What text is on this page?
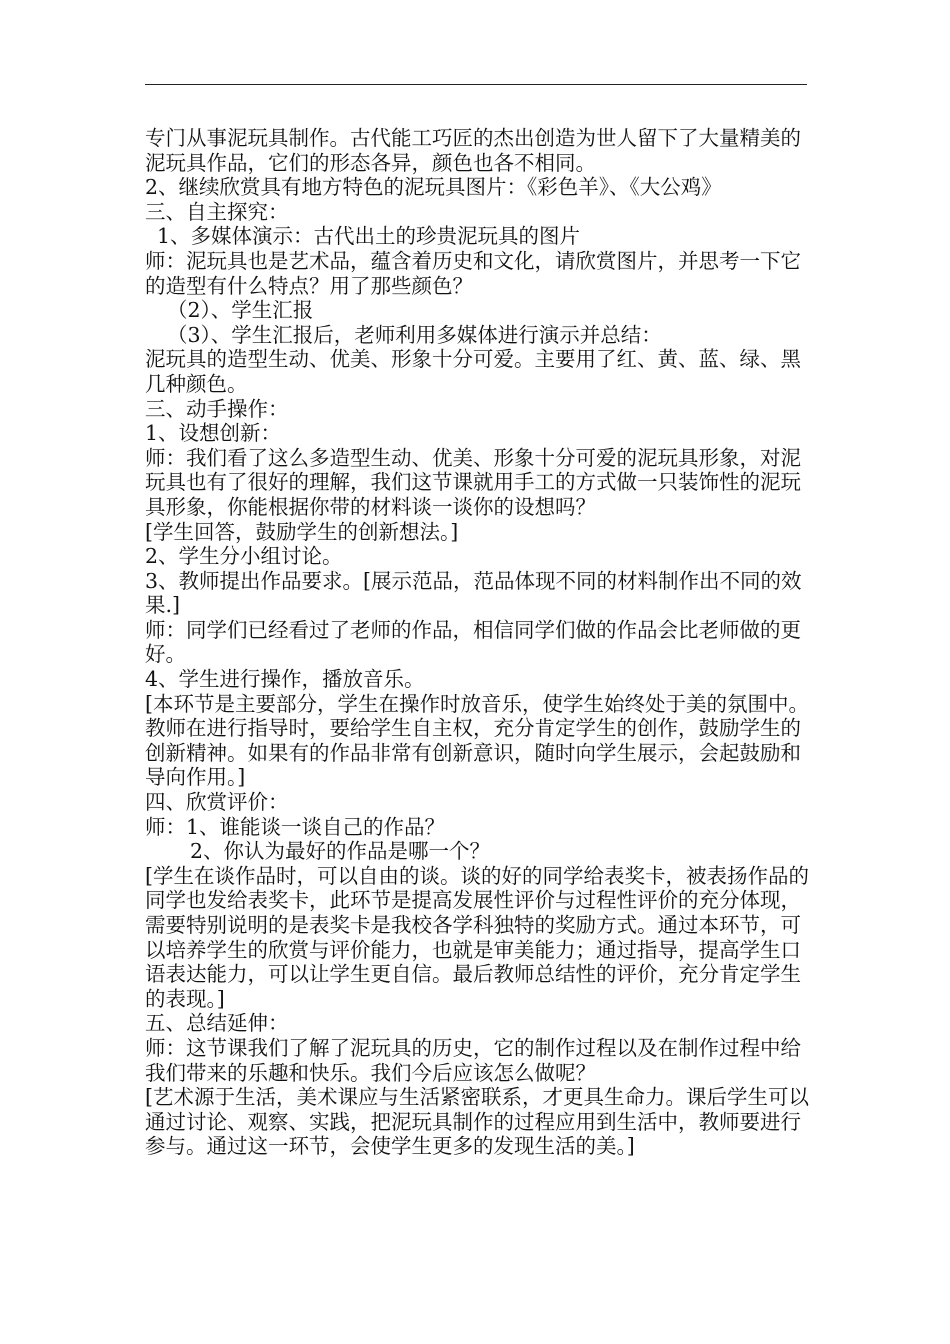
专门从事泥玩具制作。古代能工巧匠的杰出创造为世人留下了大量精美的泥玩具作品，它们的形态各异，颜色也各不相同。

2、继续欣赏具有地方特色的泥玩具图片：《彩色羊》、《大公鸡》

三、自主探究：

1、多媒体演示：古代出土的珍贵泥玩具的图片

师：泥玩具也是艺术品，蕴含着历史和文化，请欣赏图片，并思考一下它的造型有什么特点？用了那些颜色？

（2）、学生汇报

（3）、学生汇报后，老师利用多媒体进行演示并总结：

泥玩具的造型生动、优美、形象十分可爱。主要用了红、黄、蓝、绿、黑几种颜色。

三、动手操作：

1、设想创新：

师：我们看了这么多造型生动、优美、形象十分可爱的泥玩具形象，对泥玩具也有了很好的理解，我们这节课就用手工的方式做一只装饰性的泥玩具形象，你能根据你带的材料谈一谈你的设想吗？

[学生回答，鼓励学生的创新想法。]

2、学生分小组讨论。

3、教师提出作品要求。[展示范品，范品体现不同的材料制作出不同的效果.]

师：同学们已经看过了老师的作品，相信同学们做的作品会比老师做的更好。

4、学生进行操作，播放音乐。

[本环节是主要部分，学生在操作时放音乐，使学生始终处于美的氛围中。教师在进行指导时，要给学生自主权，充分肯定学生的创作，鼓励学生的创新精神。如果有的作品非常有创新意识，随时向学生展示，会起鼓励和导向作用。]

四、欣赏评价：

师：1、谁能谈一谈自己的作品？

2、你认为最好的作品是哪一个？

[学生在谈作品时，可以自由的谈。谈的好的同学给表奖卡，被表扬作品的同学也发给表奖卡，此环节是提高发展性评价与过程性评价的充分体现，需要特别说明的是表奖卡是我校各学科独特的奖励方式。通过本环节，可以培养学生的欣赏与评价能力，也就是审美能力；通过指导，提高学生口语表达能力，可以让学生更自信。最后教师总结性的评价，充分肯定学生的表现。]

五、总结延伸：

师：这节课我们了解了泥玩具的历史，它的制作过程以及在制作过程中给我们带来的乐趣和快乐。我们今后应该怎么做呢？

[艺术源于生活，美术课应与生活紧密联系，才更具生命力。课后学生可以通过讨论、观察、实践，把泥玩具制作的过程应用到生活中，教师要进行参与。通过这一环节，会使学生更多的发现生活的美。]
